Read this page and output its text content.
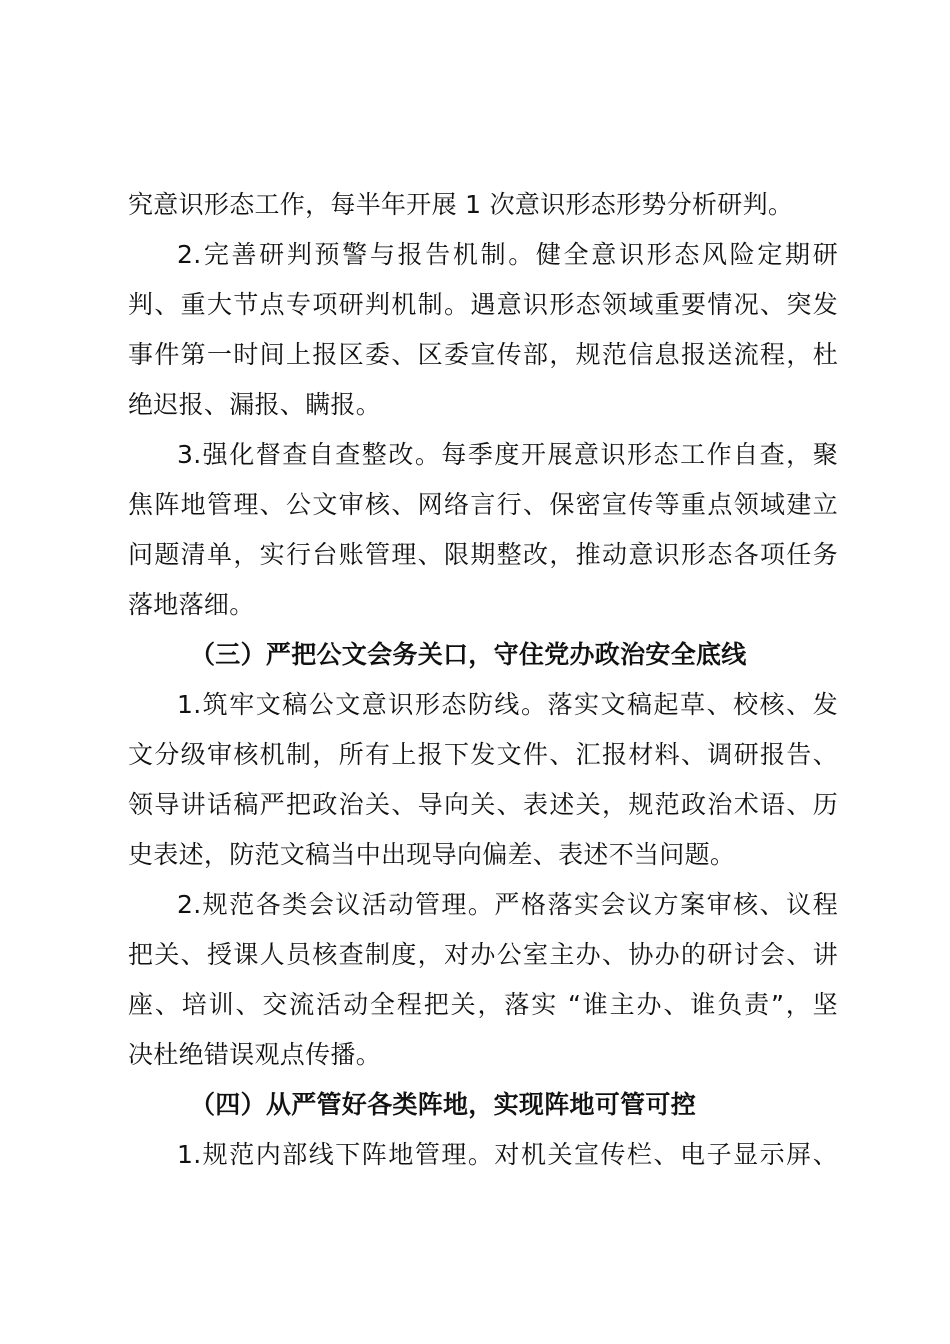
究意识形态工作，每半年开展 1 次意识形态形势分析研判。
2.完善研判预警与报告机制。健全意识形态风险定期研
判、重大节点专项研判机制。遇意识形态领域重要情况、突发
事件第一时间上报区委、区委宣传部，规范信息报送流程，杜
绝迟报、漏报、瞒报。
3.强化督查自查整改。每季度开展意识形态工作自查，聚
焦阵地管理、公文审核、网络言行、保密宣传等重点领域建立
问题清单，实行台账管理、限期整改，推动意识形态各项任务
落地落细。
（三）严把公文会务关口，守住党办政治安全底线
1.筑牢文稿公文意识形态防线。落实文稿起草、校核、发
文分级审核机制，所有上报下发文件、汇报材料、调研报告、
领导讲话稿严把政治关、导向关、表述关，规范政治术语、历
史表述，防范文稿当中出现导向偏差、表述不当问题。
2.规范各类会议活动管理。严格落实会议方案审核、议程
把关、授课人员核查制度，对办公室主办、协办的研讨会、讲
座、培训、交流活动全程把关，落实 “谁主办、谁负责”，坚
决杜绝错误观点传播。
（四）从严管好各类阵地，实现阵地可管可控
1.规范内部线下阵地管理。对机关宣传栏、电子显示屏、
